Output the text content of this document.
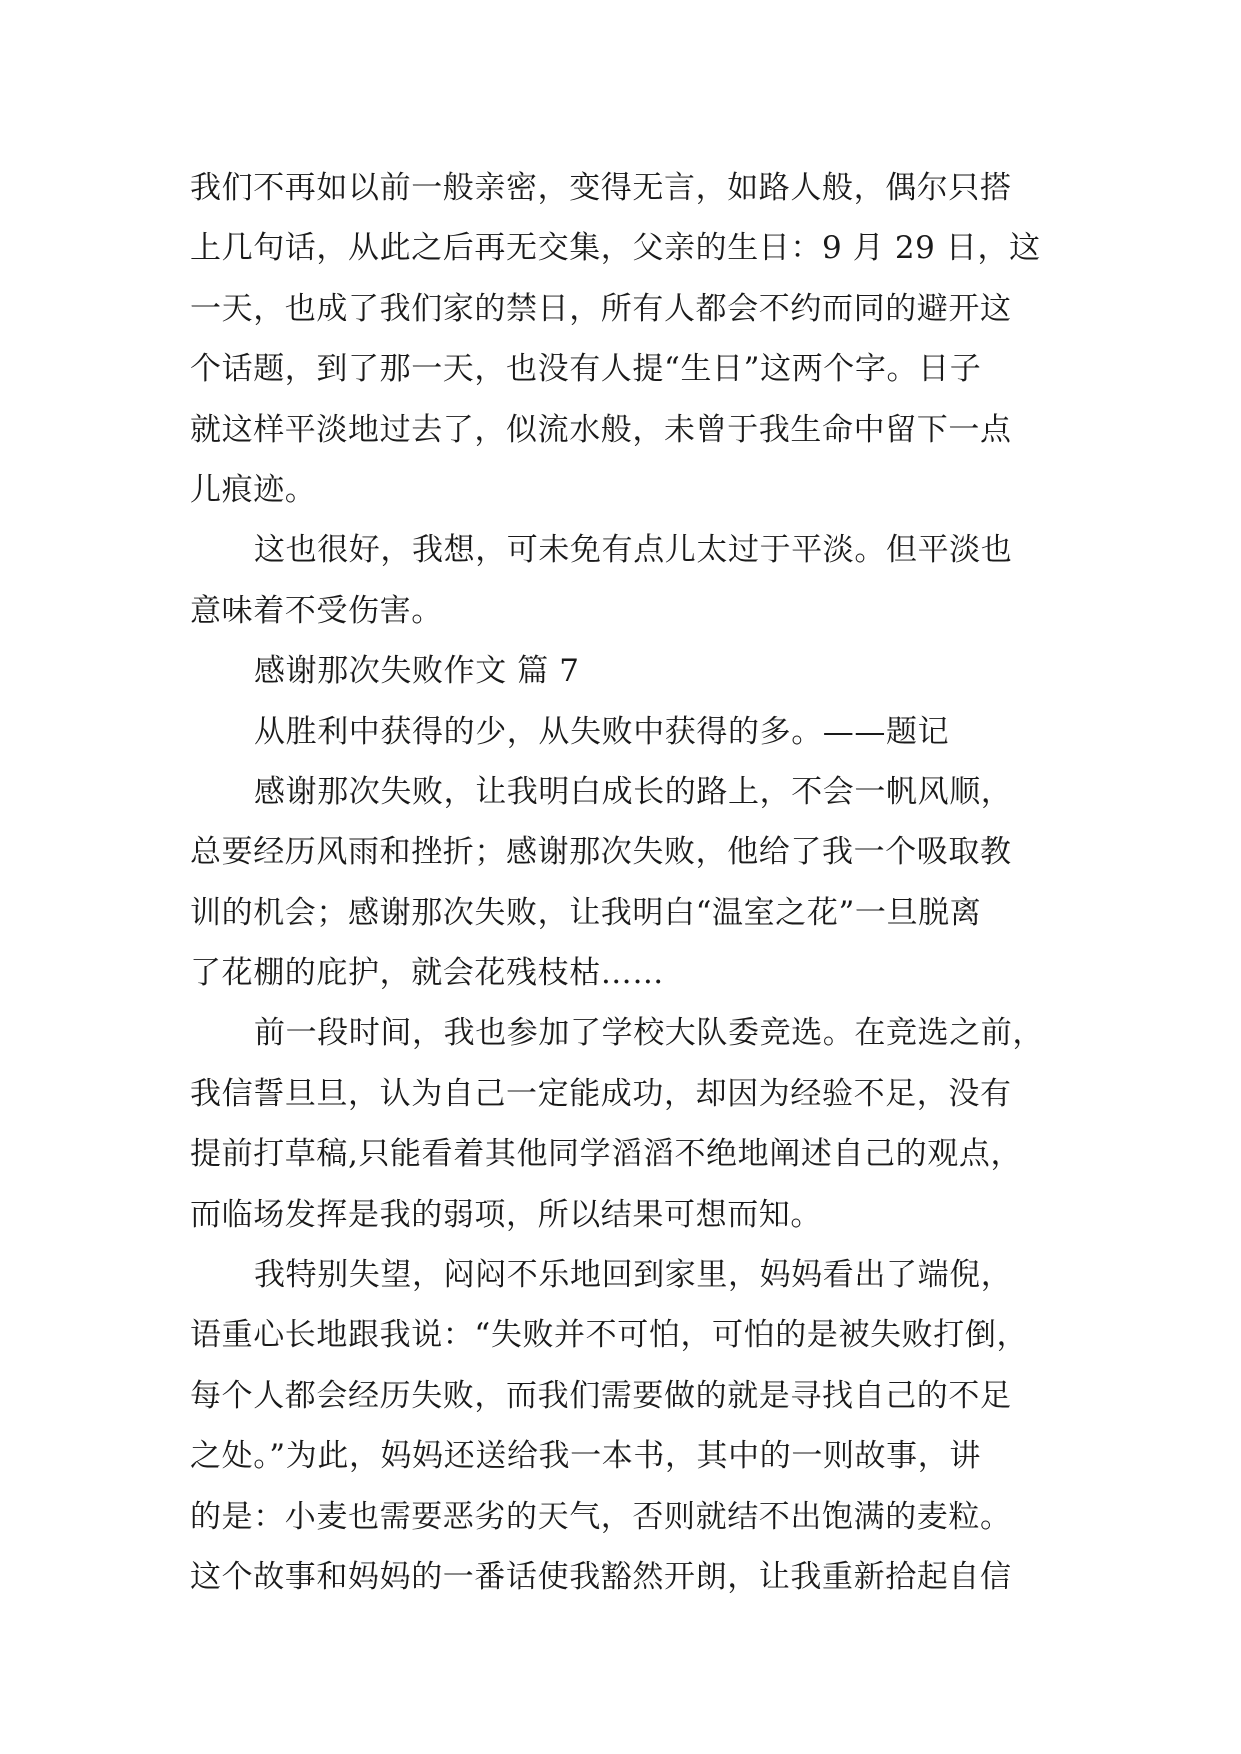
我们不再如以前一般亲密，变得无言，如路人般，偶尔只搭
上几句话，从此之后再无交集，父亲的生日：9 月 29 日，这
一天，也成了我们家的禁日，所有人都会不约而同的避开这
个话题，到了那一天，也没有人提“生日”这两个字。日子
就这样平淡地过去了，似流水般，未曾于我生命中留下一点
儿痕迹。
这也很好，我想，可未免有点儿太过于平淡。但平淡也
意味着不受伤害。
感谢那次失败作文 篇 7
从胜利中获得的少，从失败中获得的多。——题记
感谢那次失败，让我明白成长的路上，不会一帆风顺，
总要经历风雨和挫折；感谢那次失败，他给了我一个吸取教
训的机会；感谢那次失败，让我明白“温室之花”一旦脱离
了花棚的庇护，就会花残枝枯……
前一段时间，我也参加了学校大队委竞选。在竞选之前，
我信誓旦旦，认为自己一定能成功，却因为经验不足，没有
提前打草稿,只能看着其他同学滔滔不绝地阐述自己的观点，
而临场发挥是我的弱项，所以结果可想而知。
我特别失望，闷闷不乐地回到家里，妈妈看出了端倪，
语重心长地跟我说：“失败并不可怕，可怕的是被失败打倒，
每个人都会经历失败，而我们需要做的就是寻找自己的不足
之处。”为此，妈妈还送给我一本书，其中的一则故事，讲
的是：小麦也需要恶劣的天气，否则就结不出饱满的麦粒。
这个故事和妈妈的一番话使我豁然开朗，让我重新拾起自信
